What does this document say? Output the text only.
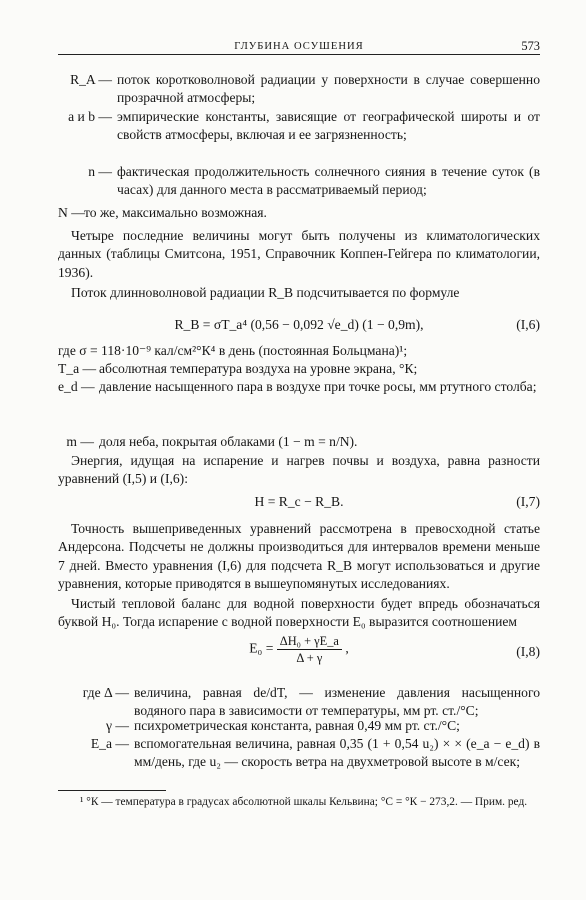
ГЛУБИНА ОСУШЕНИЯ	573
R_A — поток коротковолновой радиации у поверхности в случае совершенно прозрачной атмосферы;
a и b — эмпирические константы, зависящие от географической широты и от свойств атмосферы, включая и ее загрязненность;
n — фактическая продолжительность солнечного сияния в течение суток (в часах) для данного места в рассматриваемый период;
N — то же, максимально возможная.

Четыре последние величины могут быть получены из климатологических данных (таблицы Смитсона, 1951, Справочник Коппен-Гейгера по климатологии, 1936).

Поток длинноволновой радиации R_B подсчитывается по формуле

R_B = σT_a⁴ (0,56 − 0,092 √e_d) (1 − 0,9m),	(I,6)

где σ = 118·10⁻⁹ кал/см²°К⁴ в день (постоянная Больцмана)¹;

T_a — абсолютная температура воздуха на уровне экрана, °К;
e_d — давление насыщенного пара в воздухе при точке росы, мм ртутного столба;
m — доля неба, покрытая облаками (1 − m = n/N).

Энергия, идущая на испарение и нагрев почвы и воздуха, равна разности уравнений (I,5) и (I,6):

H = R_c − R_B.	(I,7)

Точность вышеприведенных уравнений рассмотрена в превосходной статье Андерсона. Подсчеты не должны производиться для интервалов времени меньше 7 дней. Вместо уравнения (I,6) для подсчета R_B могут использоваться и другие уравнения, которые приводятся в вышеупомянутых исследованиях.

Чистый тепловой баланс для водной поверхности будет впредь обозначаться буквой H₀. Тогда испарение с водной поверхности E₀ выразится соотношением

$E_0 = \frac{\text{ΔH₀ + γE\_a}}{\Delta + \gamma}$ ,	(I,8)
где Δ — величина, равная de/dT, — изменение давления насыщенного водяного пара в зависимости от температуры, мм рт. ст./°С;
γ — психрометрическая константа, равная 0,49 мм рт. ст./°С;
E_a — вспомогательная величина, равная 0,35 (1 + 0,54 u₂) × × (e_a − e_d) в мм/день, где u₂ — скорость ветра на двухметровой высоте в м/сек;
¹ °К — температура в градусах абсолютной шкалы Кельвина; °С = °К − 273,2. — Прим. ред.
